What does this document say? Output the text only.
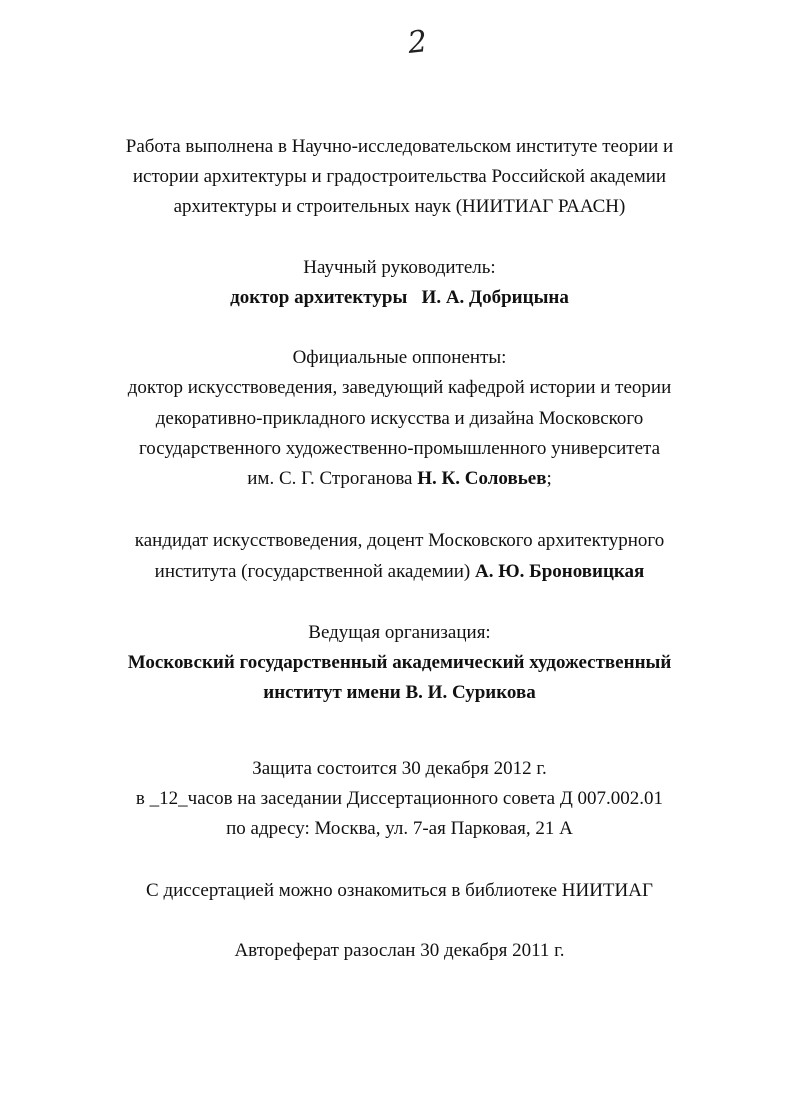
2
Работа выполнена в Научно-исследовательском институте теории и
истории архитектуры и градостроительства Российской академии
архитектуры и строительных наук (НИИТИАГ РААСН)
Научный руководитель:
доктор архитектуры   И. А. Добрицына
Официальные оппоненты:
доктор искусствоведения, заведующий кафедрой истории и теории
декоративно-прикладного искусства и дизайна Московского
государственного художественно-промышленного университета
им. С. Г. Строганова Н. К. Соловьев;
кандидат искусствоведения, доцент Московского архитектурного
института (государственной академии) А. Ю. Броновицкая
Ведущая организация:
Московский государственный академический художественный
институт имени В. И. Сурикова
Защита состоится 30 декабря 2012 г.
в _12_часов на заседании Диссертационного совета Д 007.002.01
по адресу: Москва, ул. 7-ая Парковая, 21 А
С диссертацией можно ознакомиться в библиотеке НИИТИАГ
Автореферат разослан 30 декабря 2011 г.
